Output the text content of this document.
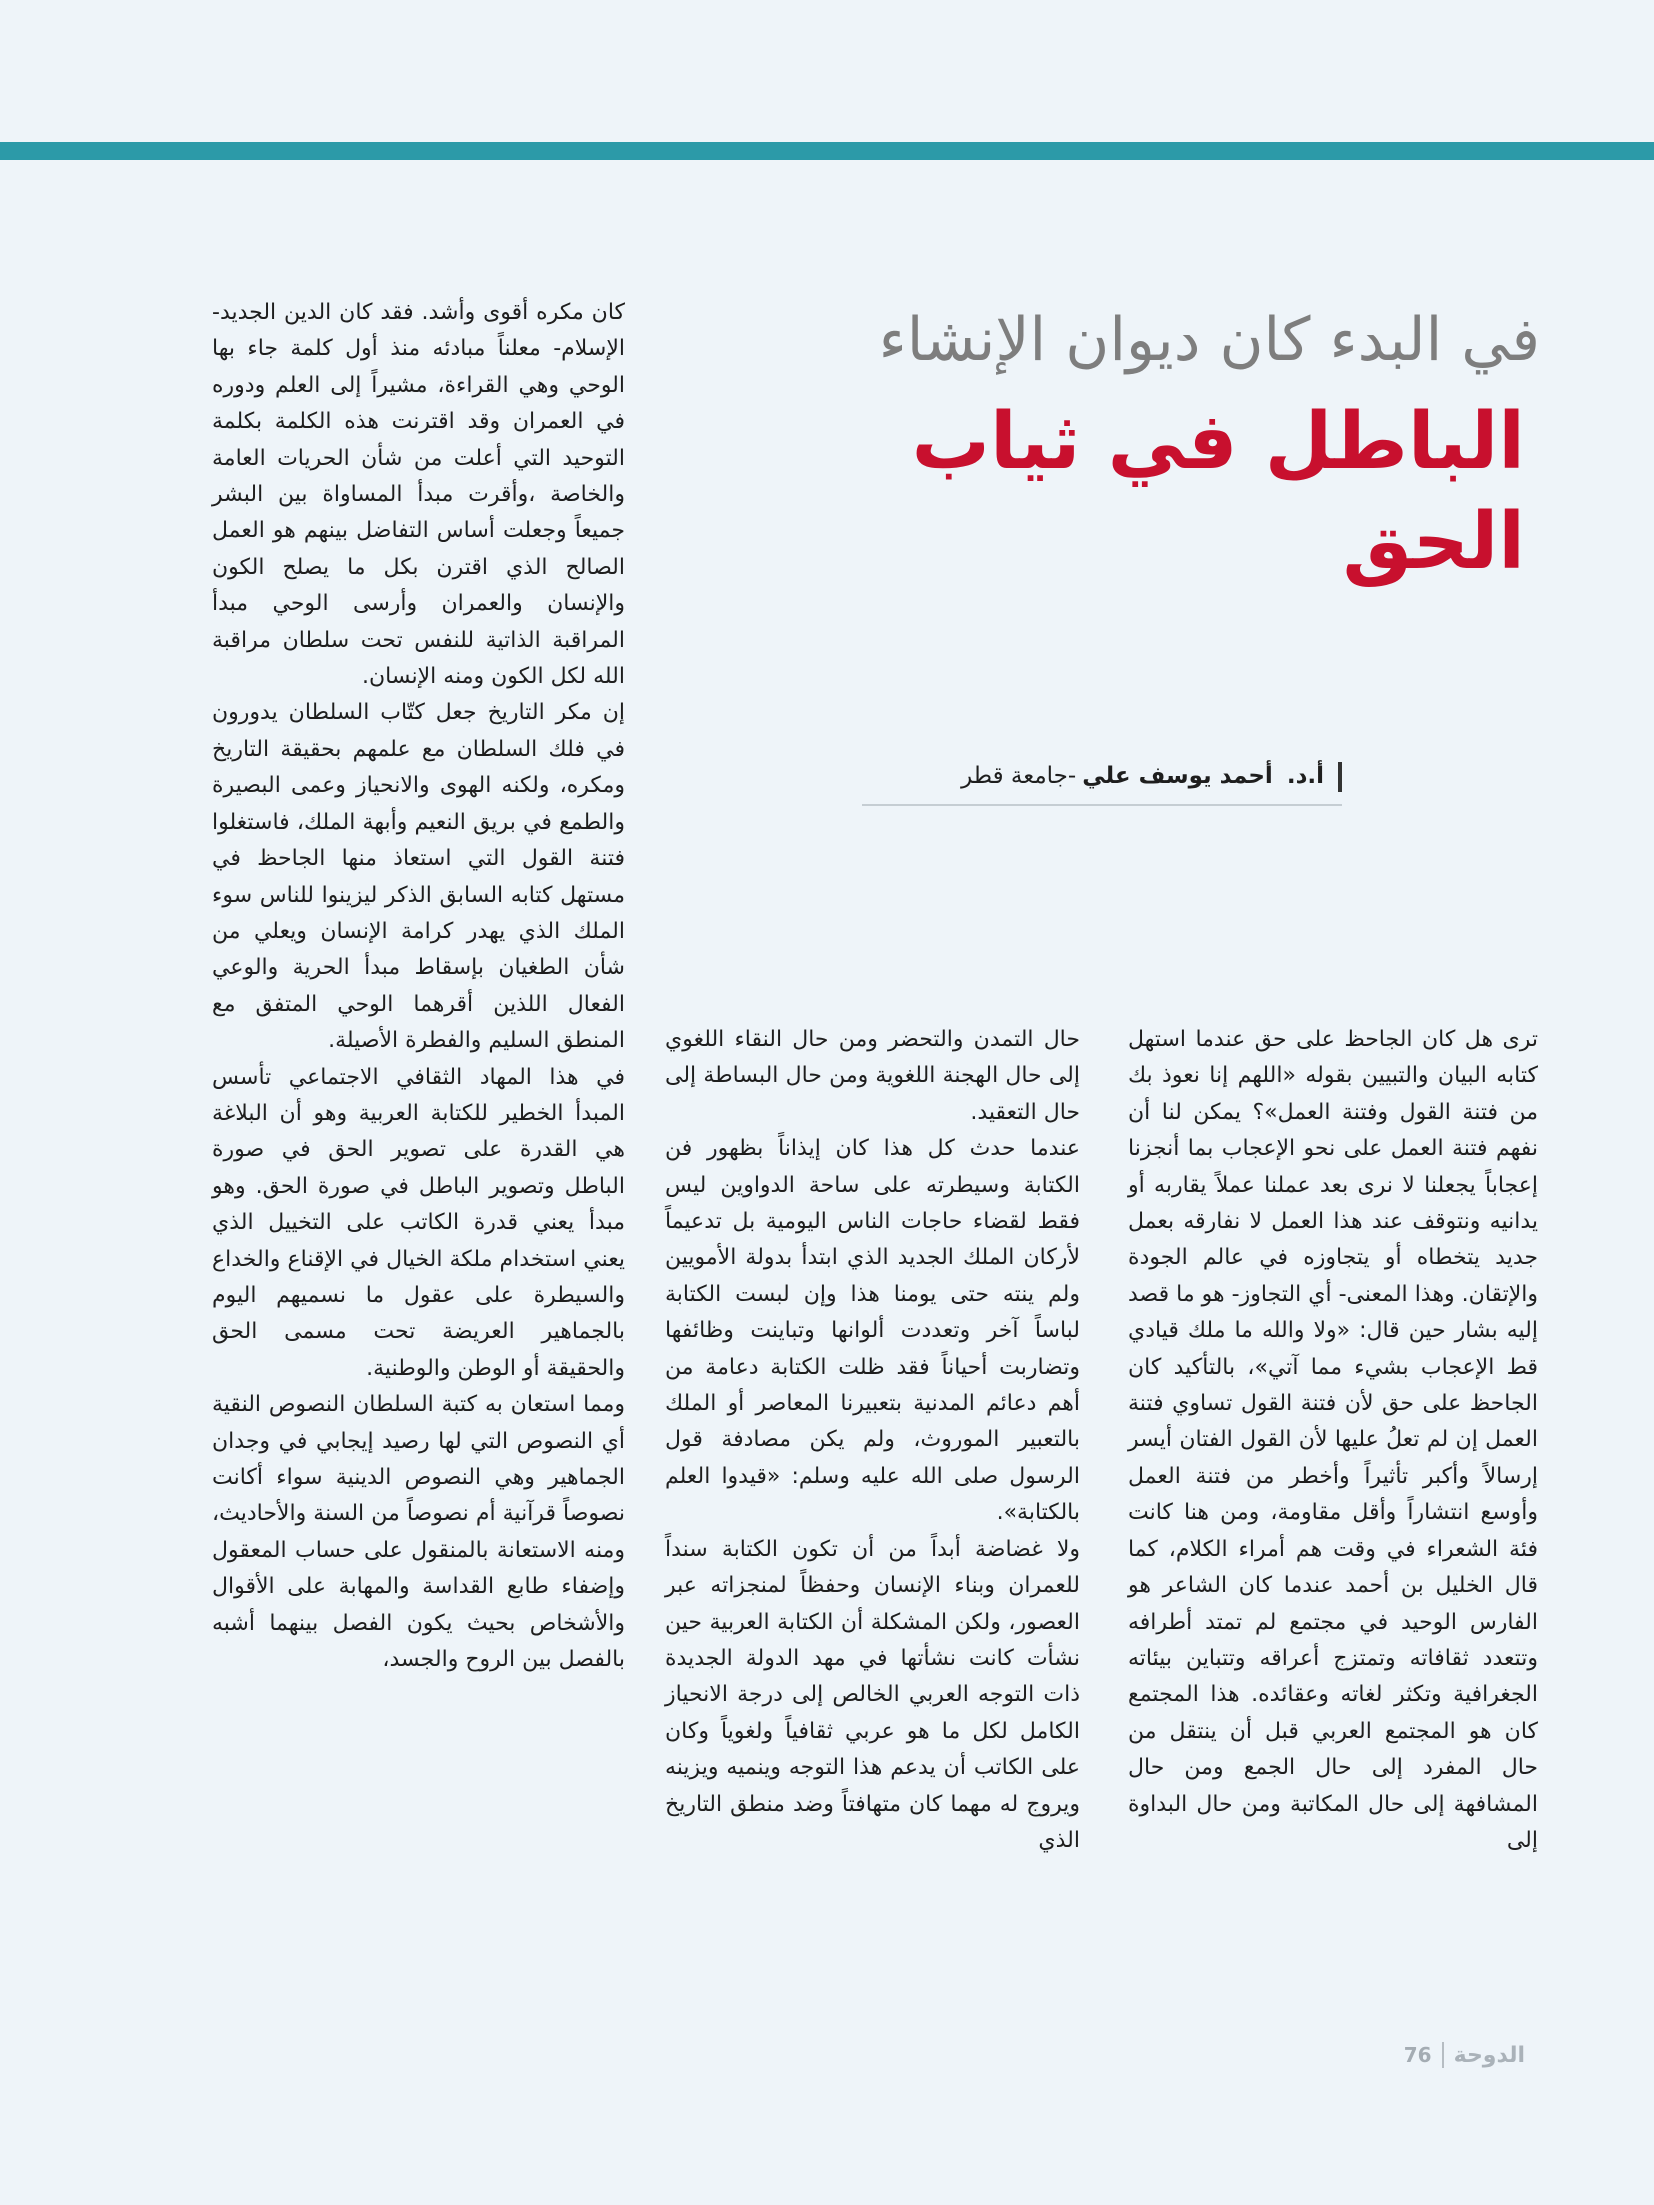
في البدء كان ديوان الإنشاء
الباطل في ثياب الحق
أ.د.أحمد يوسف علي-جامعة قطر

ترى هل كان الجاحظ على حق عندما استهل كتابه البيان والتبيين بقوله «اللهم إنا نعوذ بك من فتنة القول وفتنة العمل»؟ يمكن لنا أن نفهم فتنة العمل على نحو الإعجاب بما أنجزنا إعجاباً يجعلنا لا نرى بعد عملنا عملاً يقاربه أو يدانيه ونتوقف عند هذا العمل لا نفارقه بعمل جديد يتخطاه أو يتجاوزه في عالم الجودة والإتقان. وهذا المعنى- أي التجاوز- هو ما قصد إليه بشار حين قال: «ولا والله ما ملك قيادي قط الإعجاب بشيء مما آتي»، بالتأكيد كان الجاحظ على حق لأن فتنة القول تساوي فتنة العمل إن لم تعلُ عليها لأن القول الفتان أيسر إرسالاً وأكبر تأثيراً وأخطر من فتنة العمل وأوسع انتشاراً وأقل مقاومة، ومن هنا كانت فئة الشعراء في وقت هم أمراء الكلام، كما قال الخليل بن أحمد عندما كان الشاعر هو الفارس الوحيد في مجتمع لم تمتد أطرافه وتتعدد ثقافاته وتمتزج أعراقه وتتباين بيئاته الجغرافية وتكثر لغاته وعقائده. هذا المجتمع كان هو المجتمع العربي قبل أن ينتقل من حال المفرد إلى حال الجمع ومن حال المشافهة إلى حال المكاتبة ومن حال البداوة إلى

حال التمدن والتحضر ومن حال النقاء اللغوي إلى حال الهجنة اللغوية ومن حال البساطة إلى حال التعقيد.

عندما حدث كل هذا كان إيذاناً بظهور فن الكتابة وسيطرته على ساحة الدواوين ليس فقط لقضاء حاجات الناس اليومية بل تدعيماً لأركان الملك الجديد الذي ابتدأ بدولة الأمويين ولم ينته حتى يومنا هذا وإن لبست الكتابة لباساً آخر وتعددت ألوانها وتباينت وظائفها وتضاربت أحياناً فقد ظلت الكتابة دعامة من أهم دعائم المدنية بتعبيرنا المعاصر أو الملك بالتعبير الموروث، ولم يكن مصادفة قول الرسول صلى الله عليه وسلم: «قيدوا العلم بالكتابة».

ولا غضاضة أبداً من أن تكون الكتابة سنداً للعمران وبناء الإنسان وحفظاً لمنجزاته عبر العصور، ولكن المشكلة أن الكتابة العربية حين نشأت كانت نشأتها في مهد الدولة الجديدة ذات التوجه العربي الخالص إلى درجة الانحياز الكامل لكل ما هو عربي ثقافياً ولغوياً وكان على الكاتب أن يدعم هذا التوجه وينميه ويزينه ويروج له مهما كان متهافتاً وضد منطق التاريخ الذي

كان مكره أقوى وأشد. فقد كان الدين الجديد- الإسلام- معلناً مبادئه منذ أول كلمة جاء بها الوحي وهي القراءة، مشيراً إلى العلم ودوره في العمران وقد اقترنت هذه الكلمة بكلمة التوحيد التي أعلت من شأن الحريات العامة والخاصة ،وأقرت مبدأ المساواة بين البشر جميعاً وجعلت أساس التفاضل بينهم هو العمل الصالح الذي اقترن بكل ما يصلح الكون والإنسان والعمران وأرسى الوحي مبدأ المراقبة الذاتية للنفس تحت سلطان مراقبة الله لكل الكون ومنه الإنسان.

إن مكر التاريخ جعل كتّاب السلطان يدورون في فلك السلطان مع علمهم بحقيقة التاريخ ومكره، ولكنه الهوى والانحياز وعمى البصيرة والطمع في بريق النعيم وأبهة الملك، فاستغلوا فتنة القول التي استعاذ منها الجاحظ في مستهل كتابه السابق الذكر ليزينوا للناس سوء الملك الذي يهدر كرامة الإنسان ويعلي من شأن الطغيان بإسقاط مبدأ الحرية والوعي الفعال اللذين أقرهما الوحي المتفق مع المنطق السليم والفطرة الأصيلة.

في هذا المهاد الثقافي الاجتماعي تأسس المبدأ الخطير للكتابة العربية وهو أن البلاغة هي القدرة على تصوير الحق في صورة الباطل وتصوير الباطل في صورة الحق. وهو مبدأ يعني قدرة الكاتب على التخييل الذي يعني استخدام ملكة الخيال في الإقناع والخداع والسيطرة على عقول ما نسميهم اليوم بالجماهير العريضة تحت مسمى الحق والحقيقة أو الوطن والوطنية.

ومما استعان به كتبة السلطان النصوص النقية أي النصوص التي لها رصيد إيجابي في وجدان الجماهير وهي النصوص الدينية سواء أكانت نصوصاً قرآنية أم نصوصاً من السنة والأحاديث، ومنه الاستعانة بالمنقول على حساب المعقول وإضفاء طابع القداسة والمهابة على الأقوال والأشخاص بحيث يكون الفصل بينهما أشبه بالفصل بين الروح والجسد،

الدوحة
76
